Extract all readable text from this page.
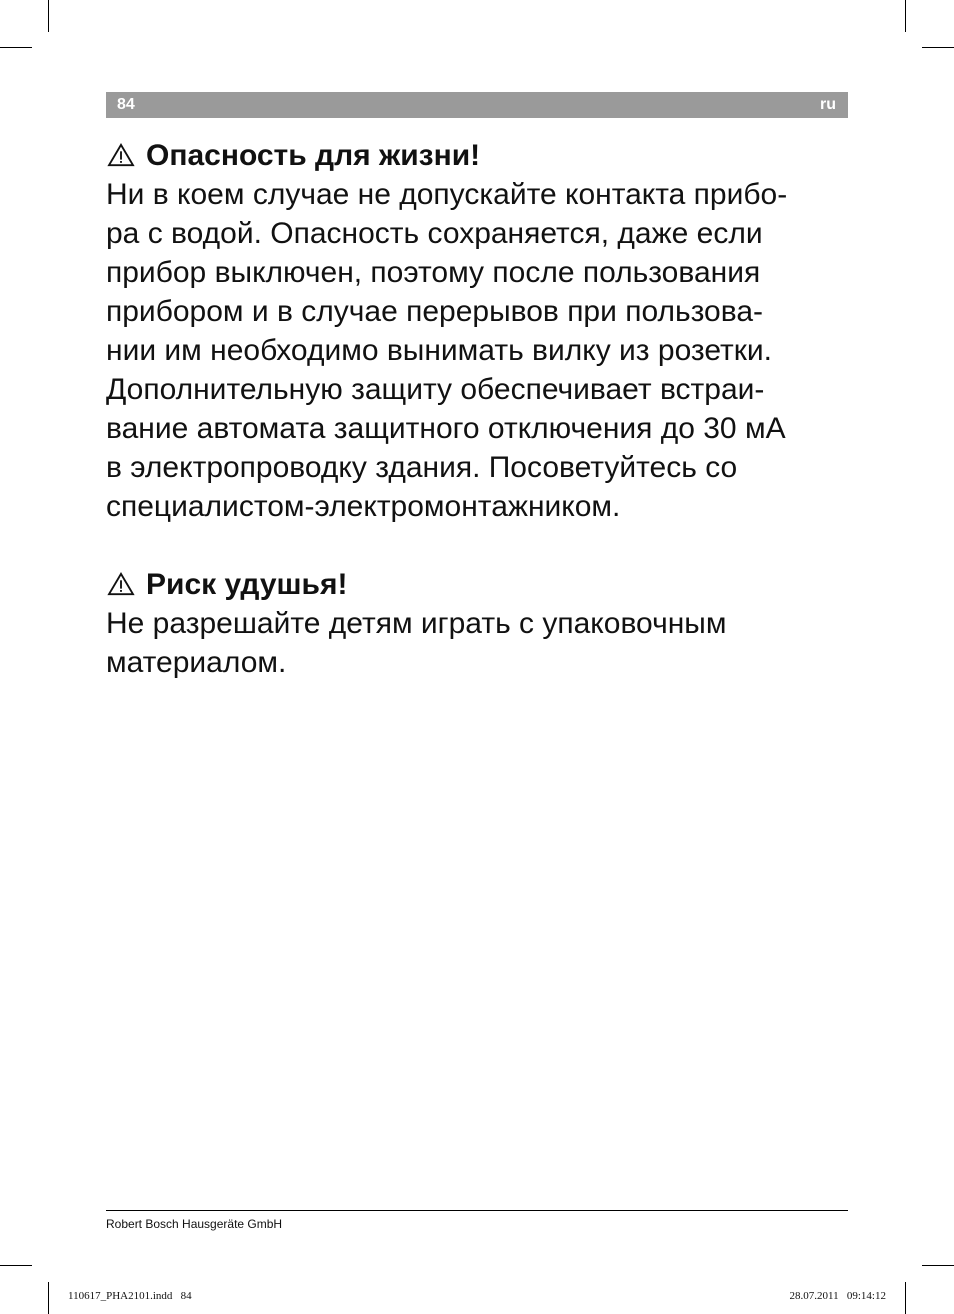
84	ru

Опасность для жизни!

Ни в коем случае не допускайте контакта прибо-
ра с водой. Опасность сохраняется, даже если
прибор выключен, поэтому после пользования
прибором и в случае перерывов при пользова-
нии им необходимо вынимать вилку из розетки.
Дополнительную защиту обеспечивает встраи-
вание автомата защитного отключения до 30 мА
в электропроводку здания. Посоветуйтесь со
специалистом-электромонтажником.

Риск удушья!

Не разрешайте детям играть с упаковочным
материалом.

Robert Bosch Hausgeräte GmbH
110617_PHA2101.indd   84	28.07.2011   09:14:12
